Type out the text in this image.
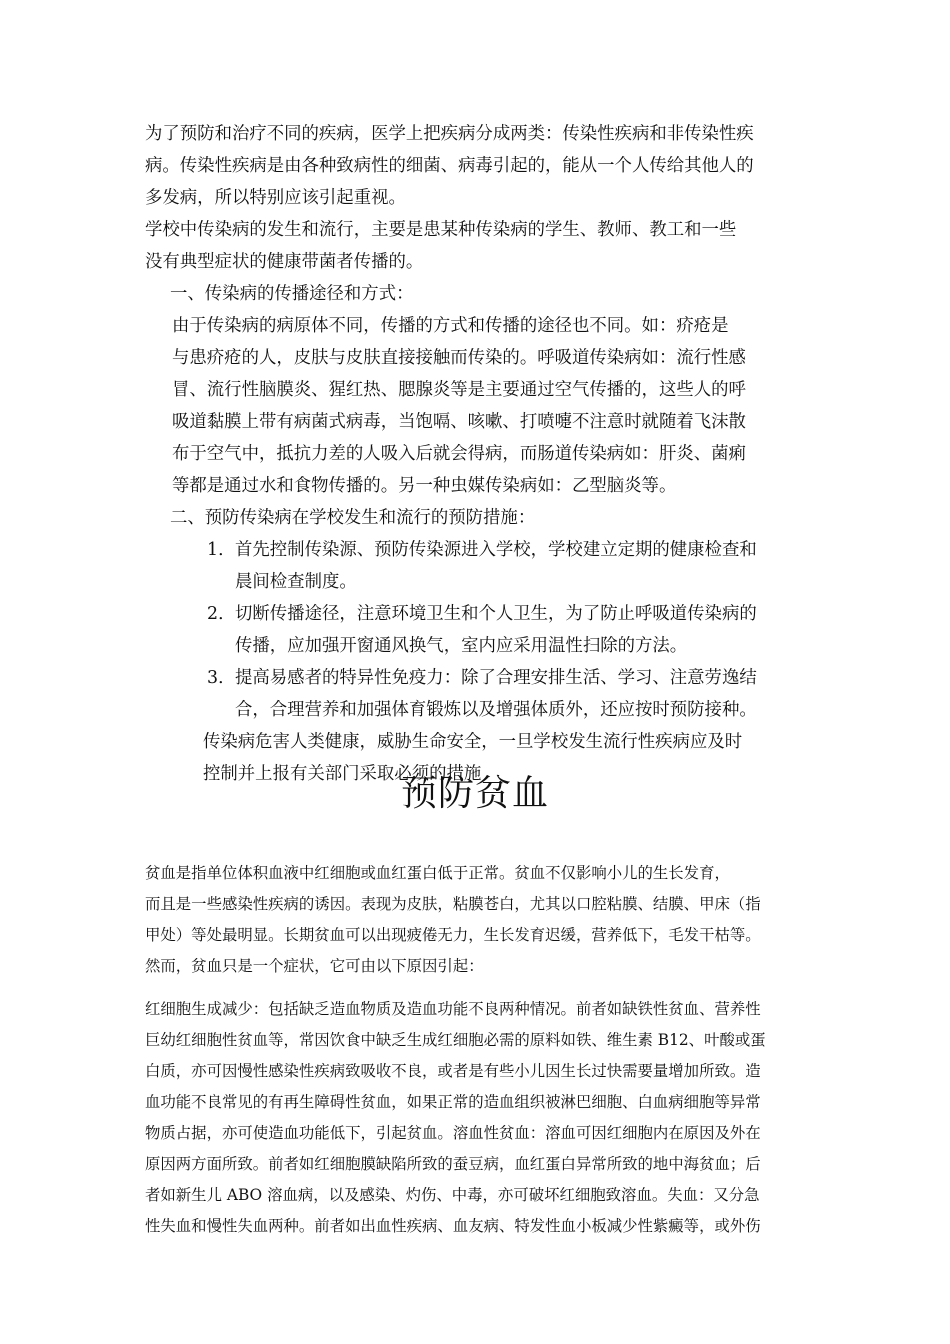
为了预防和治疗不同的疾病，医学上把疾病分成两类：传染性疾病和非传染性疾
病。传染性疾病是由各种致病性的细菌、病毒引起的，能从一个人传给其他人的
多发病，所以特别应该引起重视。

学校中传染病的发生和流行，主要是患某种传染病的学生、教师、教工和一些
没有典型症状的健康带菌者传播的。

一、传染病的传播途径和方式：

由于传染病的病原体不同，传播的方式和传播的途径也不同。如：疥疮是
与患疥疮的人，皮肤与皮肤直接接触而传染的。呼吸道传染病如：流行性感
冒、流行性脑膜炎、猩红热、腮腺炎等是主要通过空气传播的，这些人的呼
吸道黏膜上带有病菌式病毒，当饱嗝、咳嗽、打喷嚏不注意时就随着飞沫散
布于空气中，抵抗力差的人吸入后就会得病，而肠道传染病如：肝炎、菌痢
等都是通过水和食物传播的。另一种虫媒传染病如：乙型脑炎等。

二、预防传染病在学校发生和流行的预防措施：

1． 首先控制传染源、预防传染源进入学校，学校建立定期的健康检查和
晨间检查制度。

2． 切断传播途径，注意环境卫生和个人卫生，为了防止呼吸道传染病的
传播，应加强开窗通风换气，室内应采用温性扫除的方法。

3． 提高易感者的特异性免疫力：除了合理安排生活、学习、注意劳逸结
合，合理营养和加强体育锻炼以及增强体质外，还应按时预防接种。

传染病危害人类健康，威胁生命安全，一旦学校发生流行性疾病应及时
控制并上报有关部门采取必须的措施

预防贫血

贫血是指单位体积血液中红细胞或血红蛋白低于正常。贫血不仅影响小儿的生长发育，
而且是一些感染性疾病的诱因。表现为皮肤，粘膜苍白，尤其以口腔粘膜、结膜、甲床（指
甲处）等处最明显。长期贫血可以出现疲倦无力，生长发育迟缓，营养低下，毛发干枯等。
然而，贫血只是一个症状，它可由以下原因引起：

红细胞生成减少：包括缺乏造血物质及造血功能不良两种情况。前者如缺铁性贫血、营养性
巨幼红细胞性贫血等，常因饮食中缺乏生成红细胞必需的原料如铁、维生素 B12、叶酸或蛋
白质，亦可因慢性感染性疾病致吸收不良，或者是有些小儿因生长过快需要量增加所致。造
血功能不良常见的有再生障碍性贫血，如果正常的造血组织被淋巴细胞、白血病细胞等异常
物质占据，亦可使造血功能低下，引起贫血。溶血性贫血：溶血可因红细胞内在原因及外在
原因两方面所致。前者如红细胞膜缺陷所致的蚕豆病，血红蛋白异常所致的地中海贫血；后
者如新生儿 ABO 溶血病，以及感染、灼伤、中毒，亦可破坏红细胞致溶血。失血：又分急
性失血和慢性失血两种。前者如出血性疾病、血友病、特发性血小板减少性紫癜等，或外伤
